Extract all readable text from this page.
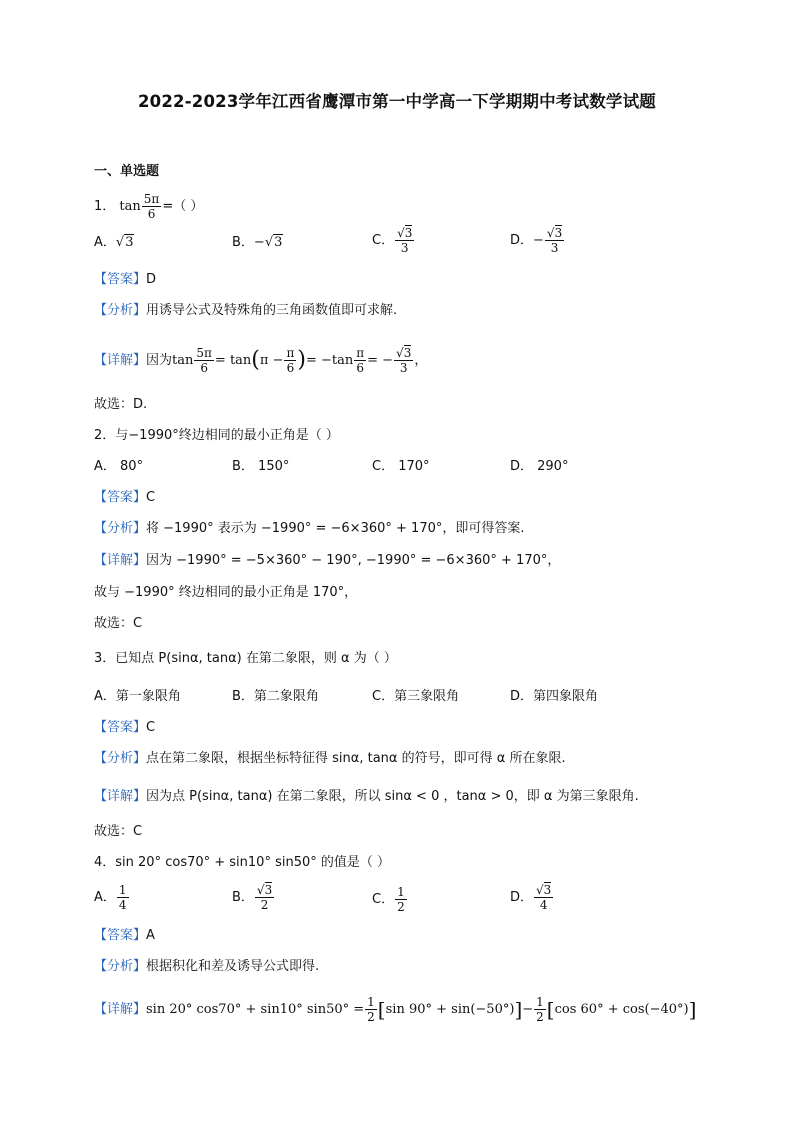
2022-2023学年江西省鹰潭市第一中学高一下学期期中考试数学试题
一、单选题
1． $\tan \frac{5\pi}{6}$ =（ ）
A．√3	B．−√3	C． $\frac{√3}{3}$	D．− $\frac{√3}{3}$
【答案】D
【分析】用诱导公式及特殊角的三角函数值即可求解.
【详解】因为$\tan \frac{5\pi}{6} = \tan(\pi - \frac{\pi}{6}$ )= $-\tan \frac{\pi}{6}$ = − $\frac{√3}{3}$ ，
故选：D.
2．与−1990°终边相同的最小正角是（ ）
A． 80°	B． 150°	C． 170°	D． 290°
【答案】C
【分析】将 −1990° 表示为 −1990° = −6×360° + 170°，即可得答案.
【详解】因为 −1990° = −5×360° − 190°, −1990° = −6×360° + 170°，
故与 −1990° 终边相同的最小正角是 170°，
故选：C
3．已知点 P(sinα, tanα) 在第二象限，则 α 为（ ）
A．第一象限角	B．第二象限角	C．第三象限角	D．第四象限角
【答案】C
【分析】点在第二象限，根据坐标特征得 sinα, tanα 的符号，即可得 α 所在象限.
【详解】因为点 P(sinα, tanα) 在第二象限，所以 sinα < 0 ，tanα > 0，即 α 为第三象限角.
故选：C
4．sin 20° cos70° + sin10° sin50° 的值是（ ）
A． $\frac{1}{4}$	B． $\frac{√3}{2}$	C． $\frac{1}{2}$	D． $\frac{√3}{4}$
【答案】A
【分析】根据积化和差及诱导公式即得.
【详解】sin 20° cos70° + sin10° $\sin 50^\circ = \frac{1}{2} [\sin$ $90^\circ + \sin(-50^\circ)]- \frac{1}{2} [\cos$ 60° + cos(−40°)]
